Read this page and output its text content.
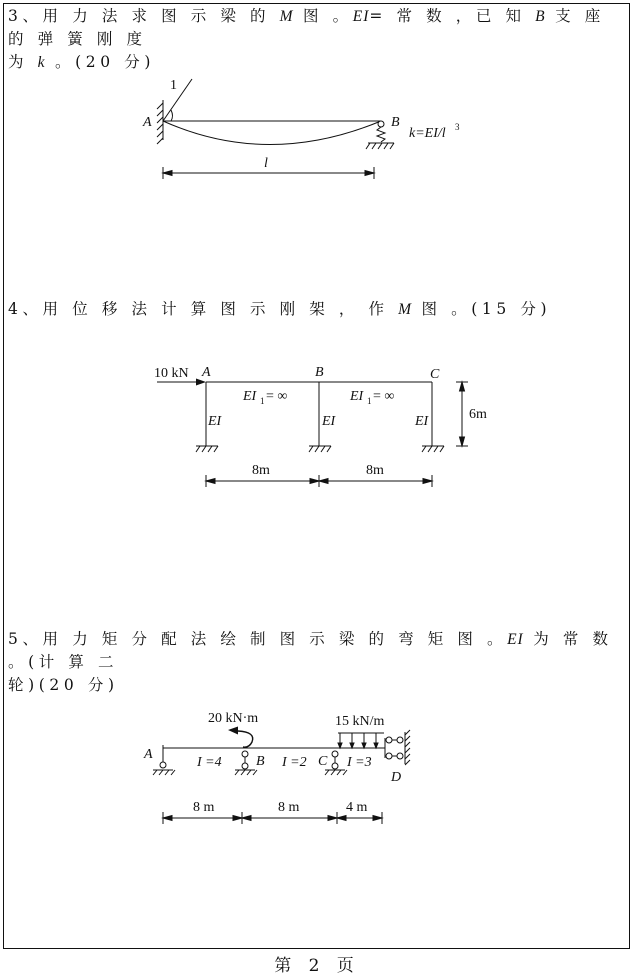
3、用 力 法 求 图 示 梁 的 M 图 。EI= 常 数 ，已 知 B 支 座 的 弹 簧 刚 度
为 k 。(20 分)
1
A	B
k=EI/l 3
l
4、用 位 移 法 计 算 图 示 刚 架 ， 作 M 图 。(15 分)
10 kN A	B	C
EI 1 = ∞	EI 1 = ∞
EI	EI	EI	6m
8m	8m
5、用 力 矩 分 配 法 绘 制 图 示 梁 的 弯 矩 图 。EI 为 常 数 。(计 算 二
轮)(20 分)
A	B	C
D
20 kN·m	15 kN/m
I =4	I =2	I =3
8 m	8 m	4 m
第 2 页
